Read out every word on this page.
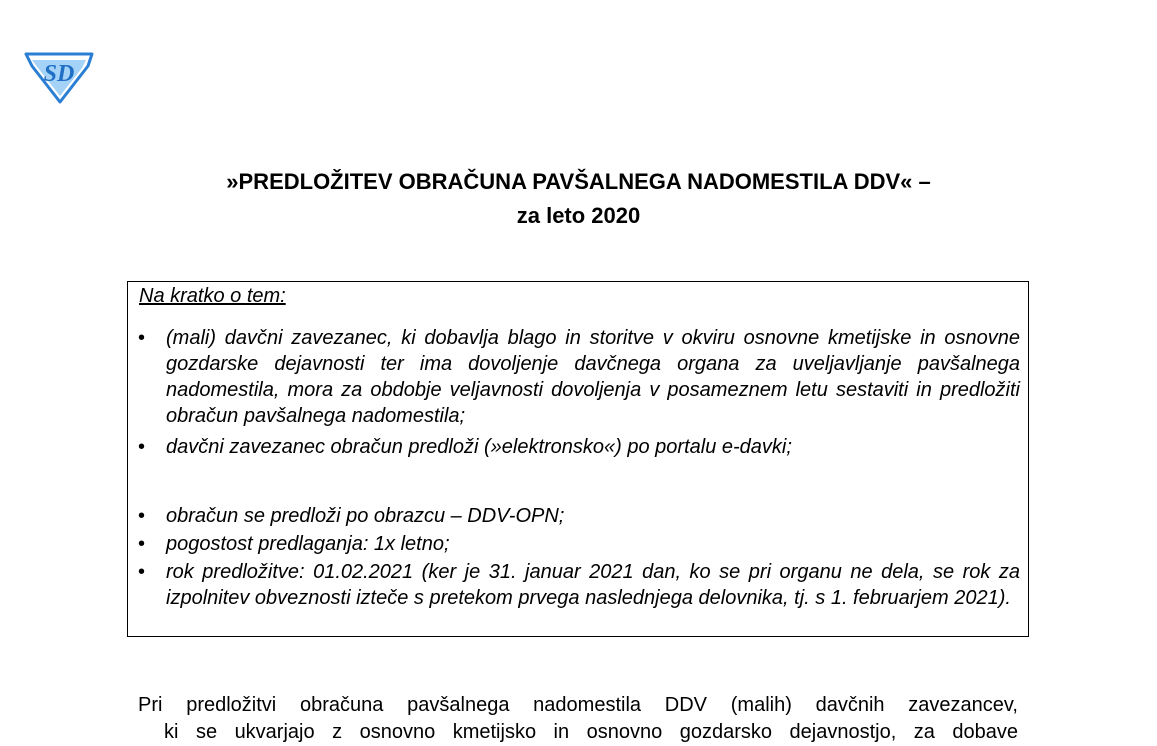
SD
»PREDLOŽITEV OBRAČUNA PAVŠALNEGA NADOMESTILA DDV« –
za leto 2020
Na kratko o tem:
•	(mali) davčni zavezanec, ki dobavlja blago in storitve v okviru osnovne kmetijske in osnovne gozdarske dejavnosti ter ima dovoljenje davčnega organa za uveljavljanje pavšalnega nadomestila, mora za obdobje veljavnosti dovoljenja v posameznem letu sestaviti in predložiti obračun pavšalnega nadomestila;
•	davčni zavezanec obračun predloži (»elektronsko«) po portalu e-davki;
•	obračun se predloži po obrazcu – DDV-OPN;
•	pogostost predlaganja: 1x letno;
•	rok predložitve: 01.02.2021 (ker je 31. januar 2021 dan, ko se pri organu ne dela, se rok za izpolnitev obveznosti izteče s pretekom prvega naslednjega delovnika, tj. s 1. februarjem 2021).
Pri predložitvi obračuna pavšalnega nadomestila DDV (malih) davčnih zavezancev,
ki se ukvarjajo z osnovno kmetijsko in osnovno gozdarsko dejavnostjo, za dobave
